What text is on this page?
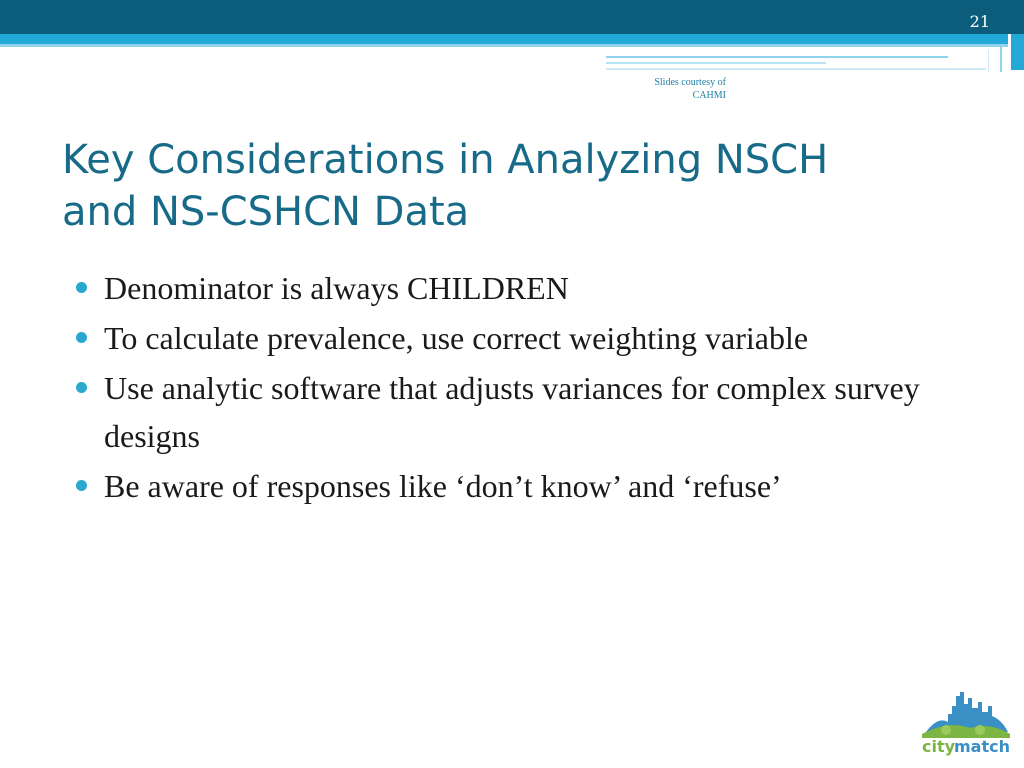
21
Slides courtesy of
CAHMI
Key Considerations in Analyzing NSCH
and NS-CSHCN Data
Denominator is always CHILDREN
To calculate prevalence, use correct weighting variable
Use analytic software that adjusts variances for complex survey designs
Be aware of responses like ‘don’t know’ and ‘refuse’
city
match
